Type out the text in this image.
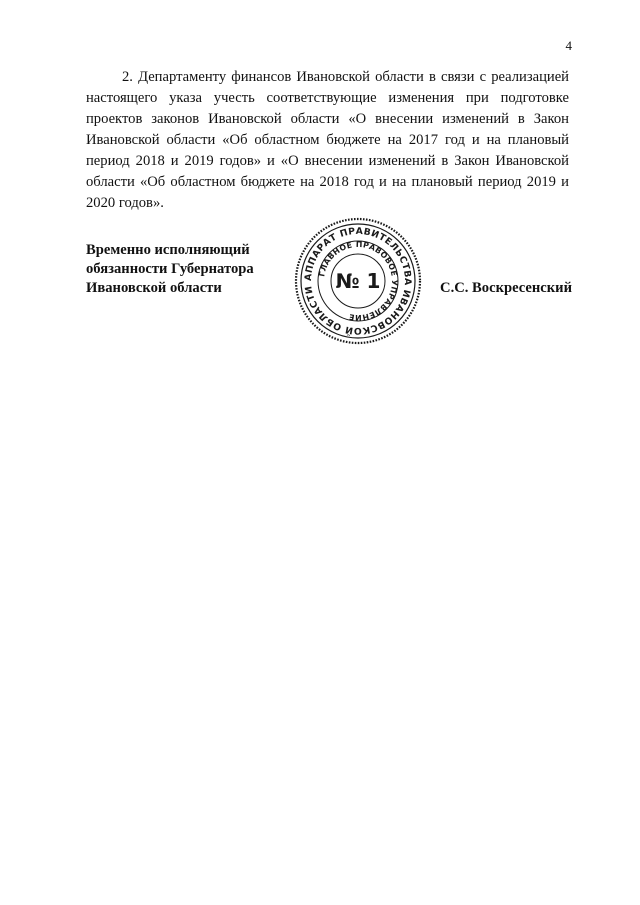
4

2. Департаменту финансов Ивановской области в связи с реализацией настоящего указа учесть соответствующие изменения при подготовке проектов законов Ивановской области «О внесении изменений в Закон Ивановской области «Об областном бюджете на 2017 год и на плановый период 2018 и 2019 годов» и «О внесении изменений в Закон Ивановской области «Об областном бюджете на 2018 год и на плановый период 2019 и 2020 годов».

Временно исполняющий
обязанности Губернатора
Ивановской области
АППАРАТ ПРАВИТЕЛЬСТВА ИВАНОВСКОЙ ОБЛАСТИ
ГЛАВНОЕ ПРАВОВОЕ УПРАВЛЕНИЕ
№ 1	С.С. Воскресенский
